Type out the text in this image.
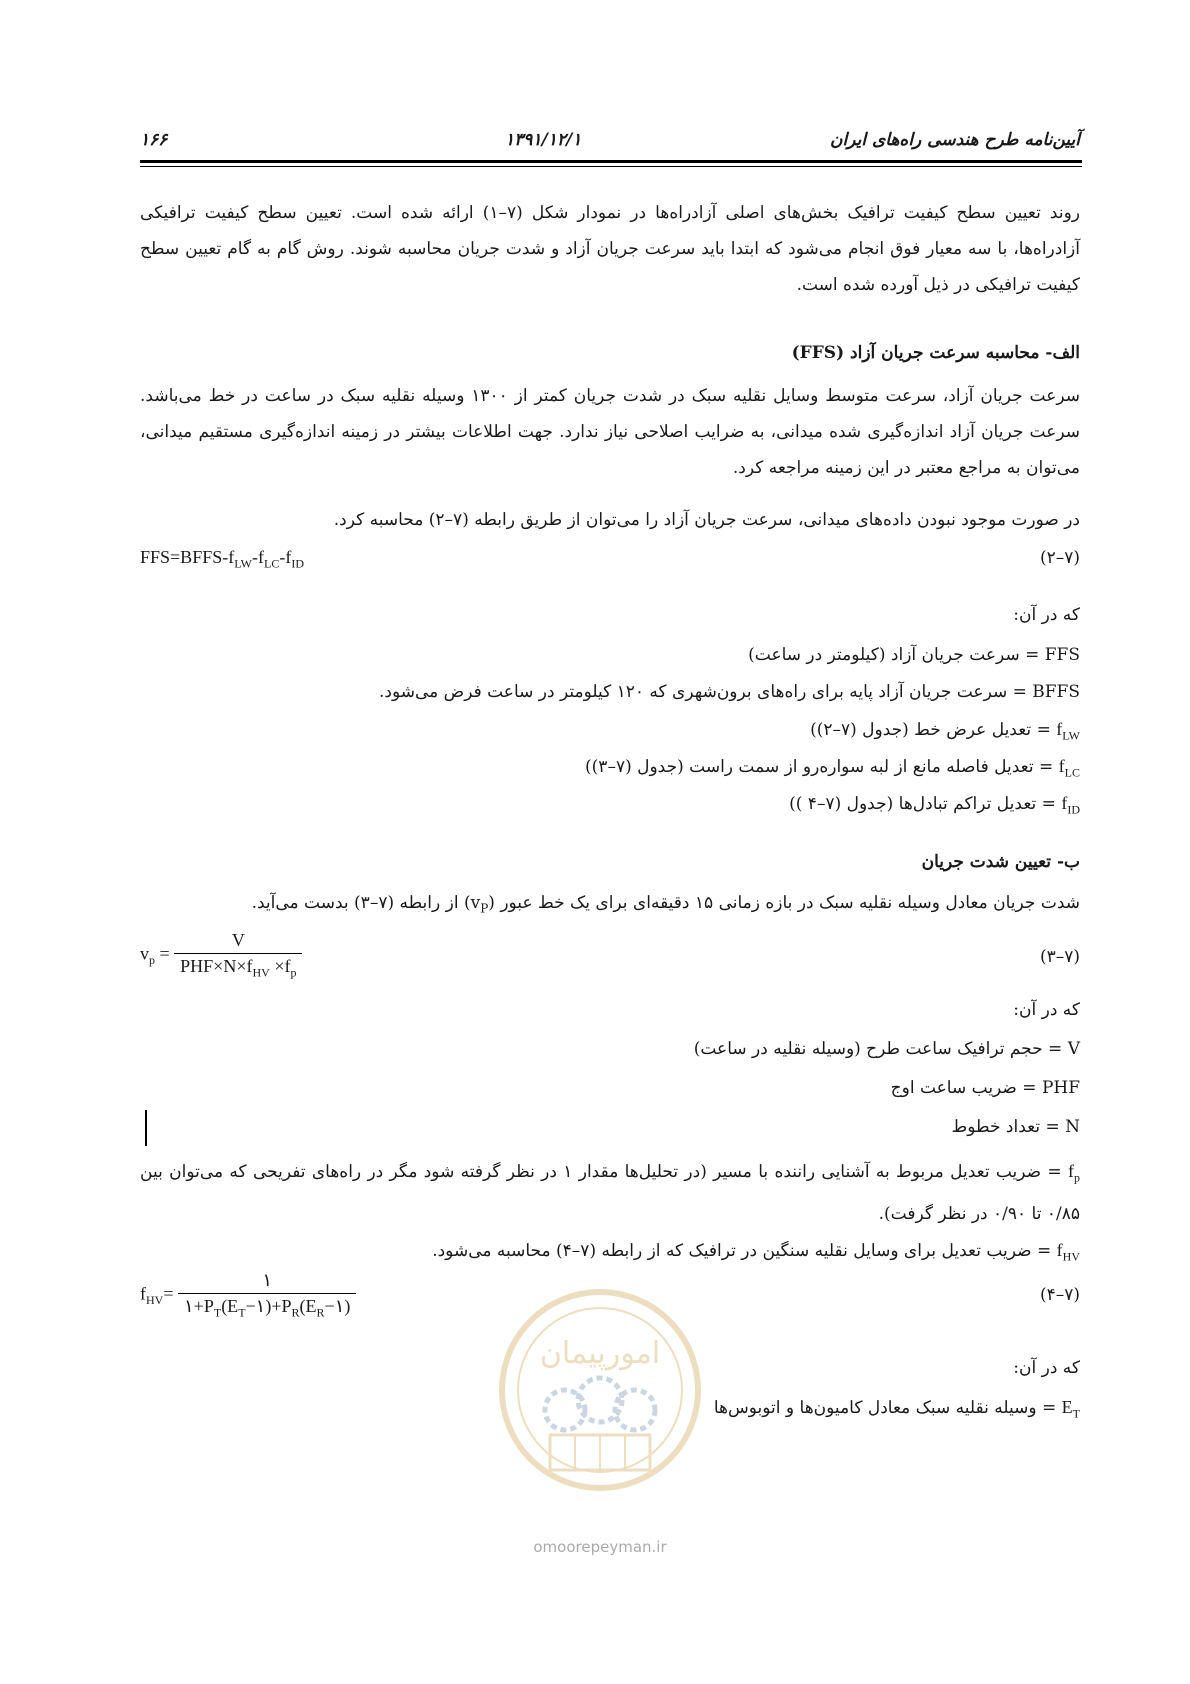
۱۶۶	۱۳۹۱/۱۲/۱	آیین‌نامه طرح هندسی راه‌های ایران
روند تعیین سطح کیفیت ترافیک بخش‌های اصلی آزادراه‌ها در نمودار شکل (۷–۱) ارائه شده است. تعیین سطح کیفیت ترافیکی آزادراه‌ها، با سه معیار فوق انجام می‌شود که ابتدا باید سرعت جریان آزاد و شدت جریان محاسبه شوند. روش گام به گام تعیین سطح کیفیت ترافیکی در ذیل آورده شده است.
الف- محاسبه سرعت جریان آزاد (FFS)
سرعت جریان آزاد، سرعت متوسط وسایل نقلیه سبک در شدت جریان کمتر از ۱۳۰۰ وسیله نقلیه سبک در ساعت در خط می‌باشد. سرعت جریان آزاد اندازه‌گیری شده میدانی، به ضرایب اصلاحی نیاز ندارد. جهت اطلاعات بیشتر در زمینه اندازه‌گیری مستقیم میدانی، می‌توان به مراجع معتبر در این زمینه مراجعه کرد.
در صورت موجود نبودن داده‌های میدانی، سرعت جریان آزاد را می‌توان از طریق رابطه (۷–۲) محاسبه کرد.
$FFS=BFFS-f_{LW}-f_{LC}-f_{ID}$	(۷–۲)
که در آن:
FFS = سرعت جریان آزاد (کیلومتر در ساعت)
BFFS = سرعت جریان آزاد پایه برای راه‌های برون‌شهری که ۱۲۰ کیلومتر در ساعت فرض می‌شود.
$f_{LW}$ = تعدیل عرض خط (جدول (۷–۲))
$f_{LC}$ = تعدیل فاصله مانع از لبه سواره‌رو از سمت راست (جدول (۷–۳))
$f_{ID}$ = تعدیل تراکم تبادل‌ها (جدول (۷–۴ ))
ب- تعیین شدت جریان
شدت جریان معادل وسیله نقلیه سبک در بازه زمانی ۱۵ دقیقه‌ای برای یک خط عبور $(v_P)$ از رابطه (۷–۳) بدست می‌آید.
$v_p = \frac{V}{PHF\times N\times f_{HV} \times f_p}$	(۷–۳)
که در آن:
V = حجم ترافیک ساعت طرح (وسیله نقلیه در ساعت)
PHF = ضریب ساعت اوج
N = تعداد خطوط
$f_p$ = ضریب تعدیل مربوط به آشنایی راننده با مسیر (در تحلیل‌ها مقدار ۱ در نظر گرفته شود مگر در راه‌های تفریحی که می‌توان بین ۰/۸۵ تا ۰/۹۰ در نظر گرفت).
$f_{HV}$ = ضریب تعدیل برای وسایل نقلیه سنگین در ترافیک که از رابطه (۷–۴) محاسبه می‌شود.
$f_{HV}= \frac{۱}{۱+P_T(E_T-۱)+P_R(E_R-۱)}$	(۷–۴)
که در آن:
$E_T$ = وسیله نقلیه سبک معادل کامیون‌ها و اتوبوس‌ها
امورپیمان
omoorepeyman.ir
